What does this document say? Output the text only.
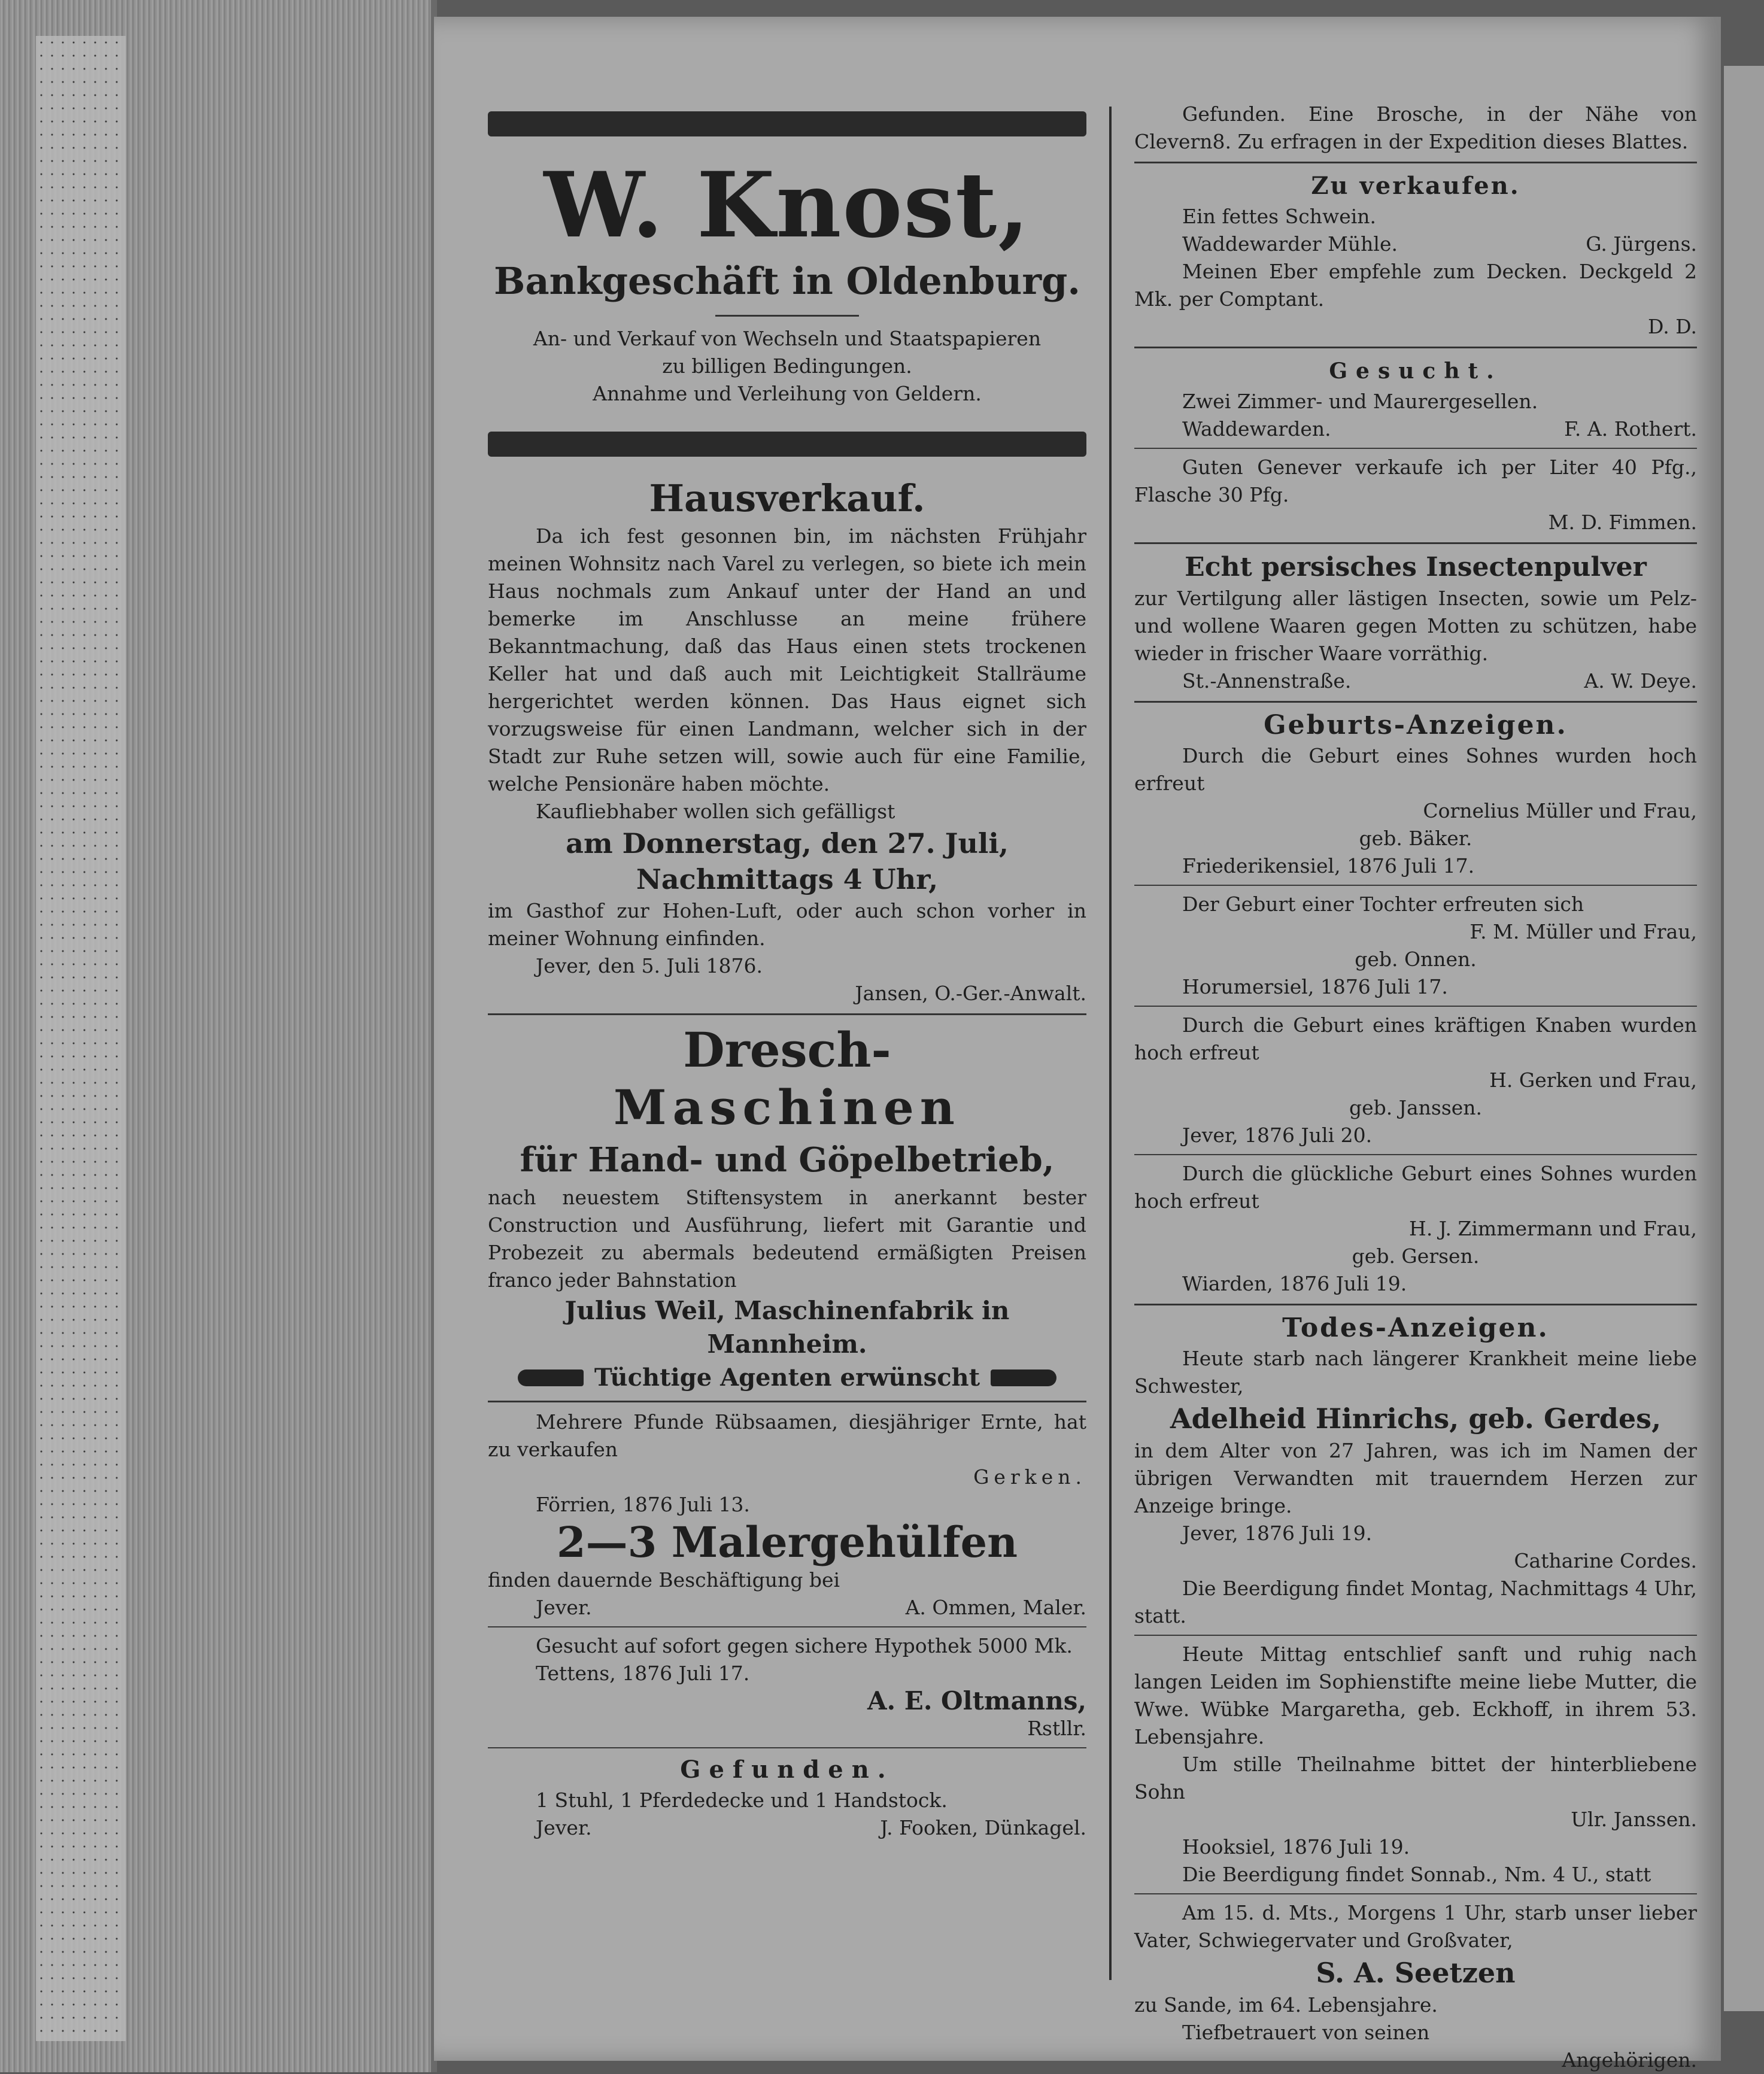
W. Knost,
Bankgeschäft in Oldenburg.
An- und Verkauf von Wechseln und Staatspapieren
zu billigen Bedingungen.
Annahme und Verleihung von Geldern.
Hausverkauf.

Da ich fest gesonnen bin, im nächsten Frühjahr meinen Wohnsitz nach Varel zu verlegen, so biete ich mein Haus nochmals zum Ankauf unter der Hand an und bemerke im Anschlusse an meine frühere Bekanntmachung, daß das Haus einen stets trockenen Keller hat und daß auch mit Leichtigkeit Stallräume hergerichtet werden können. Das Haus eignet sich vorzugsweise für einen Landmann, welcher sich in der Stadt zur Ruhe setzen will, sowie auch für eine Familie, welche Pensionäre haben möchte.

Kaufliebhaber wollen sich gefälligst

am Donnerstag, den 27. Juli,
Nachmittags 4 Uhr,

im Gasthof zur Hohen-Luft, oder auch schon vorher in meiner Wohnung einfinden.

Jever, den 5. Juli 1876.

Jansen, O.-Ger.-Anwalt.
Dresch-
Maschinen
für Hand- und Göpelbetrieb,

nach neuestem Stiftensystem in anerkannt bester Construction und Ausführung, liefert mit Garantie und Probezeit zu abermals bedeutend ermäßigten Preisen franco jeder Bahnstation

Julius Weil, Maschinenfabrik in
Mannheim.
Tüchtige Agenten erwünscht

Mehrere Pfunde Rübsaamen, diesjähriger Ernte, hat zu verkaufen

Gerken.

Förrien, 1876 Juli 13.

2—3 Malergehülfen

finden dauernde Beschäftigung bei

Jever.	A. Ommen, Maler.

Gesucht auf sofort gegen sichere Hypothek 5000 Mk.

Tettens, 1876 Juli 17.

A. E. Oltmanns,
Rstllr.
Gefunden.

1 Stuhl, 1 Pferdedecke und 1 Handstock.

Jever.	J. Fooken, Dünkagel.

Gefunden. Eine Brosche, in der Nähe von Clevern8. Zu erfragen in der Expedition dieses Blattes.

Zu verkaufen.

Ein fettes Schwein.

Waddewarder Mühle.	G. Jürgens.

Meinen Eber empfehle zum Decken. Deckgeld 2 Mk. per Comptant.

D. D.
Gesucht.

Zwei Zimmer- und Maurergesellen.

Waddewarden.	F. A. Rothert.

Guten Genever verkaufe ich per Liter 40 Pfg., Flasche 30 Pfg.

M. D. Fimmen.
Echt persisches Insectenpulver

zur Vertilgung aller lästigen Insecten, sowie um Pelz- und wollene Waaren gegen Motten zu schützen, habe wieder in frischer Waare vorräthig.

St.-Annenstraße.	A. W. Deye.
Geburts-Anzeigen.

Durch die Geburt eines Sohnes wurden hoch erfreut

Cornelius Müller und Frau,
geb. Bäker.

Friederikensiel, 1876 Juli 17.

Der Geburt einer Tochter erfreuten sich

F. M. Müller und Frau,
geb. Onnen.

Horumersiel, 1876 Juli 17.

Durch die Geburt eines kräftigen Knaben wurden hoch erfreut

H. Gerken und Frau,
geb. Janssen.

Jever, 1876 Juli 20.

Durch die glückliche Geburt eines Sohnes wurden hoch erfreut

H. J. Zimmermann und Frau,
geb. Gersen.

Wiarden, 1876 Juli 19.

Todes-Anzeigen.

Heute starb nach längerer Krankheit meine liebe Schwester,

Adelheid Hinrichs, geb. Gerdes,

in dem Alter von 27 Jahren, was ich im Namen der übrigen Verwandten mit trauerndem Herzen zur Anzeige bringe.

Jever, 1876 Juli 19.

Catharine Cordes.

Die Beerdigung findet Montag, Nachmittags 4 Uhr, statt.

Heute Mittag entschlief sanft und ruhig nach langen Leiden im Sophienstifte meine liebe Mutter, die Wwe. Wübke Margaretha, geb. Eckhoff, in ihrem 53. Lebensjahre.

Um stille Theilnahme bittet der hinterbliebene Sohn

Ulr. Janssen.

Hooksiel, 1876 Juli 19.

Die Beerdigung findet Sonnab., Nm. 4 U., statt

Am 15. d. Mts., Morgens 1 Uhr, starb unser lieber Vater, Schwiegervater und Großvater,

S. A. Seetzen

zu Sande, im 64. Lebensjahre.

Tiefbetrauert von seinen

Angehörigen.
